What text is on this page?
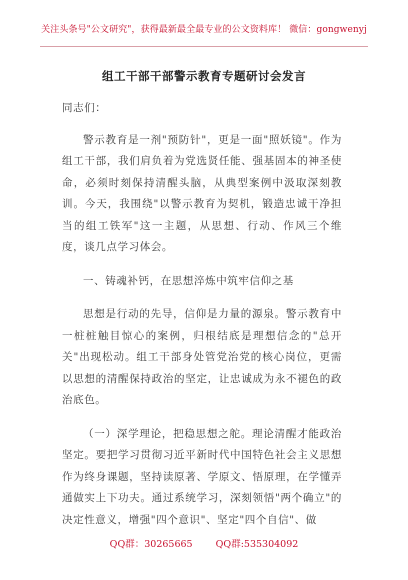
关注头条号"公文研究"，获得最新最全最专业的公文资料库！ 微信：gongwenyj
组工干部干部警示教育专题研讨会发言

同志们：

警示教育是一剂"预防针"，更是一面"照妖镜"。作为组工干部，我们肩负着为党选贤任能、强基固本的神圣使命，必须时刻保持清醒头脑，从典型案例中汲取深刻教训。今天，我围绕"以警示教育为契机，锻造忠诚干净担当的组工铁军"这一主题，从思想、行动、作风三个维度，谈几点学习体会。

一、铸魂补钙，在思想淬炼中筑牢信仰之基

思想是行动的先导，信仰是力量的源泉。警示教育中一桩桩触目惊心的案例，归根结底是理想信念的"总开关"出现松动。组工干部身处管党治党的核心岗位，更需以思想的清醒保持政治的坚定，让忠诚成为永不褪色的政治底色。

（一）深学理论，把稳思想之舵。理论清醒才能政治坚定。要把学习贯彻习近平新时代中国特色社会主义思想作为终身课题，坚持读原著、学原文、悟原理，在学懂弄通做实上下功夫。通过系统学习，深刻领悟"两个确立"的决定性意义，增强"四个意识"、坚定"四个自信"、做

QQ群：30265665 QQ群:535304092
